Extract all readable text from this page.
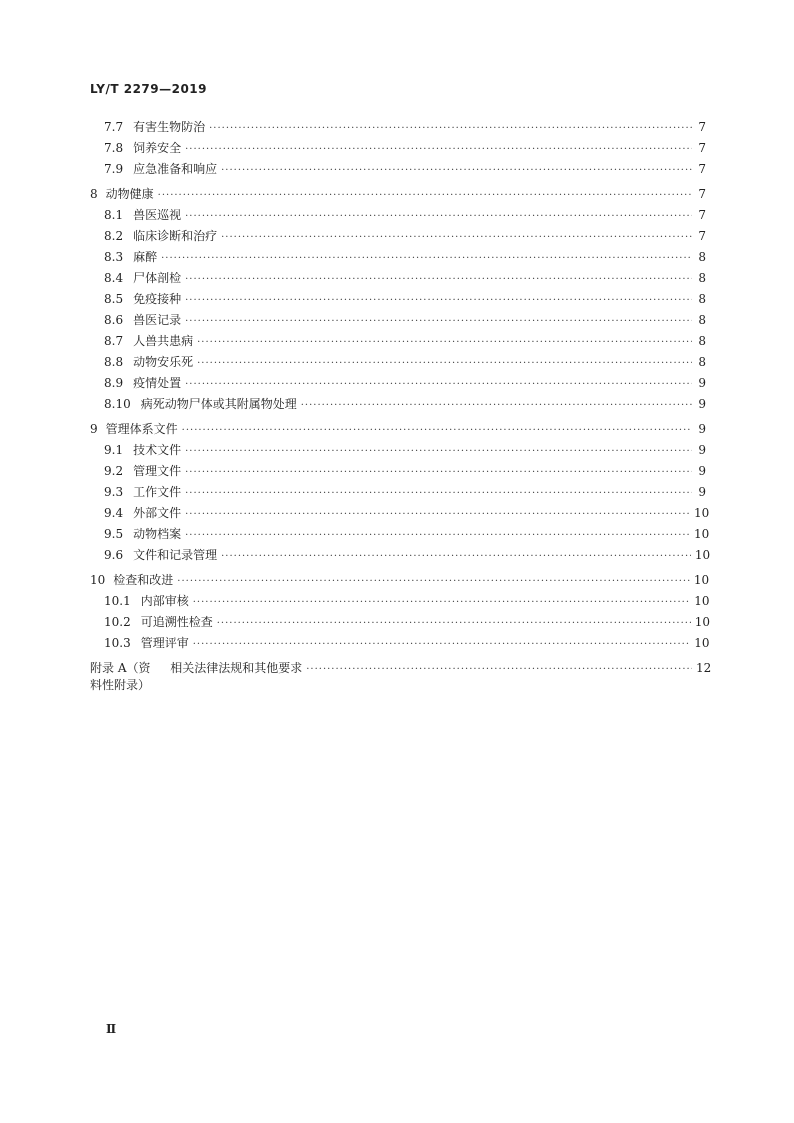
LY/T 2279—2019
7.7 有害生物防治 ·····	7
7.8 饲养安全 ·····	7
7.9 应急准备和响应 ·····	7
8 动物健康 ·····	7
8.1 兽医巡视 ·····	7
8.2 临床诊断和治疗 ·····	7
8.3 麻醉 ·····	8
8.4 尸体剖检 ·····	8
8.5 免疫接种 ·····	8
8.6 兽医记录 ·····	8
8.7 人兽共患病 ·····	8
8.8 动物安乐死 ·····	8
8.9 疫情处置 ·····	9
8.10 病死动物尸体或其附属物处理 ·····	9
9 管理体系文件 ·····	9
9.1 技术文件 ·····	9
9.2 管理文件 ·····	9
9.3 工作文件 ·····	9
9.4 外部文件 ·····	10
9.5 动物档案 ·····	10
9.6 文件和记录管理 ·····	10
10 检查和改进 ·····	10
10.1 内部审核 ·····	10
10.2 可追溯性检查 ·····	10
10.3 管理评审 ·····	10
附录 A（资料性附录）
相关法律法规和其他要求 ·····	12
Ⅱ
